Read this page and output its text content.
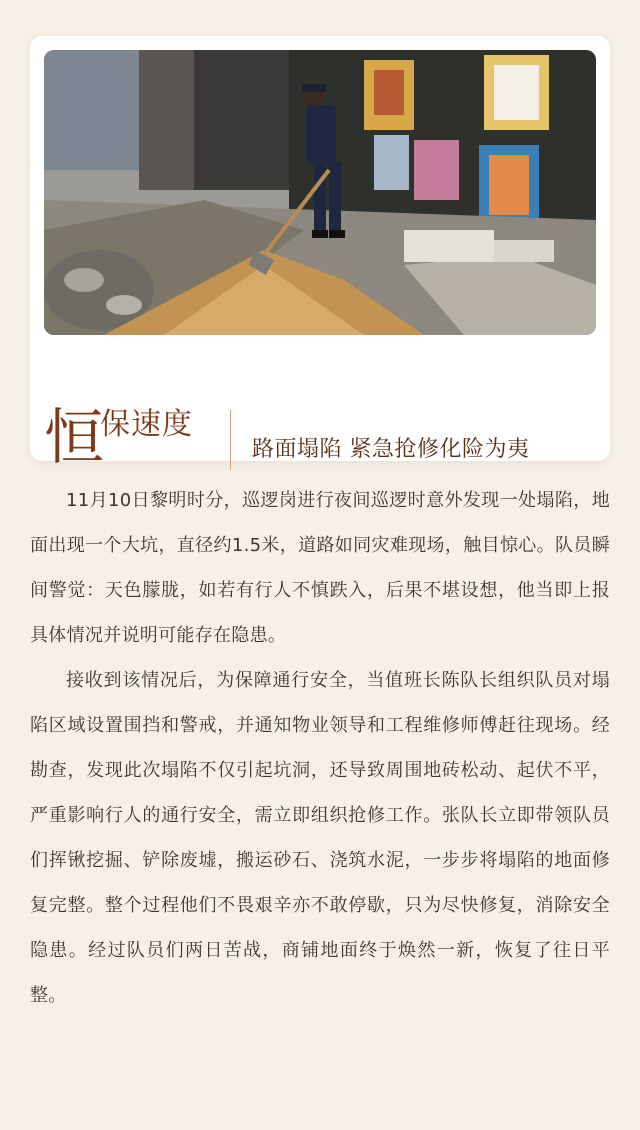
恒
保速度
路面塌陷 紧急抢修化险为夷

11月10日黎明时分，巡逻岗进行夜间巡逻时意外发现一处塌陷，地面出现一个大坑，直径约1.5米，道路如同灾难现场，触目惊心。队员瞬间警觉：天色朦胧，如若有行人不慎跌入，后果不堪设想，他当即上报具体情况并说明可能存在隐患。

接收到该情况后，为保障通行安全，当值班长陈队长组织队员对塌陷区域设置围挡和警戒，并通知物业领导和工程维修师傅赶往现场。经勘查，发现此次塌陷不仅引起坑洞，还导致周围地砖松动、起伏不平，严重影响行人的通行安全，需立即组织抢修工作。张队长立即带领队员们挥锹挖掘、铲除废墟，搬运砂石、浇筑水泥，一步步将塌陷的地面修复完整。整个过程他们不畏艰辛亦不敢停歇，只为尽快修复，消除安全隐患。经过队员们两日苦战，商铺地面终于焕然一新，恢复了往日平整。
